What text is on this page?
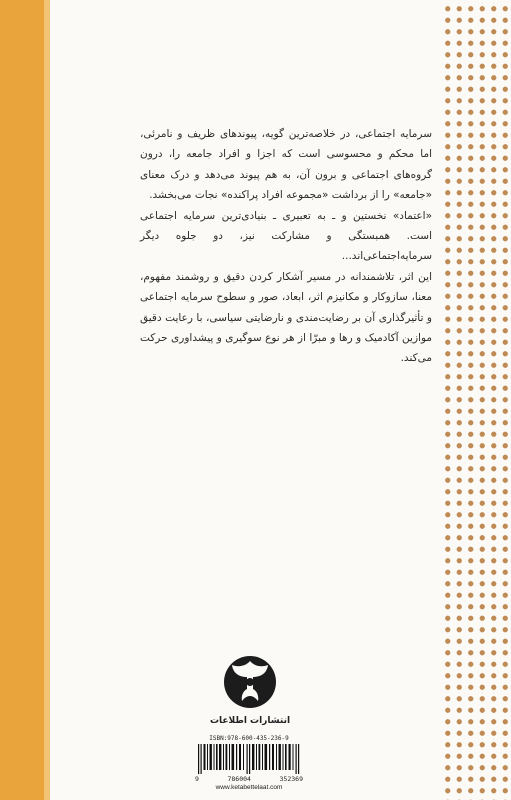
سرمایه اجتماعی، در خلاصه‌ترین گویه، پیوندهای ظریف و نامرئی، اما محکم و محسوسی است که اجزا و افراد جامعه را، درون گروه‌های اجتماعی و برون آن، به هم پیوند می‌دهد و درک معنای «جامعه» را از برداشت «مجموعه افراد پراکنده» نجات می‌بخشد.

«اعتماد» نخستین و ـ به تعبیری ـ بنیادی‌ترین سرمایه اجتماعی است. همبستگی و مشارکت نیز، دو جلوه دیگر سرمایه‌اجتماعی‌اند...

این اثر، تلاشمندانه در مسیر آشکار کردن دقیق و روشمند مفهوم، معنا، سازوکار و مکانیزم اثر، ابعاد، صور و سطوح سرمایه اجتماعی و تأثیرگذاری آن بر رضایت‌مندی و نارضایتی سیاسی، با رعایت دقیق موازین آکادمیک و رها و مبرّا از هر نوع سوگیری و پیشداوری حرکت می‌کند.

انتشارات اطلاعات
ISBN:978-600-435-236-9
9	786004	352369
www.ketabettelaat.com
